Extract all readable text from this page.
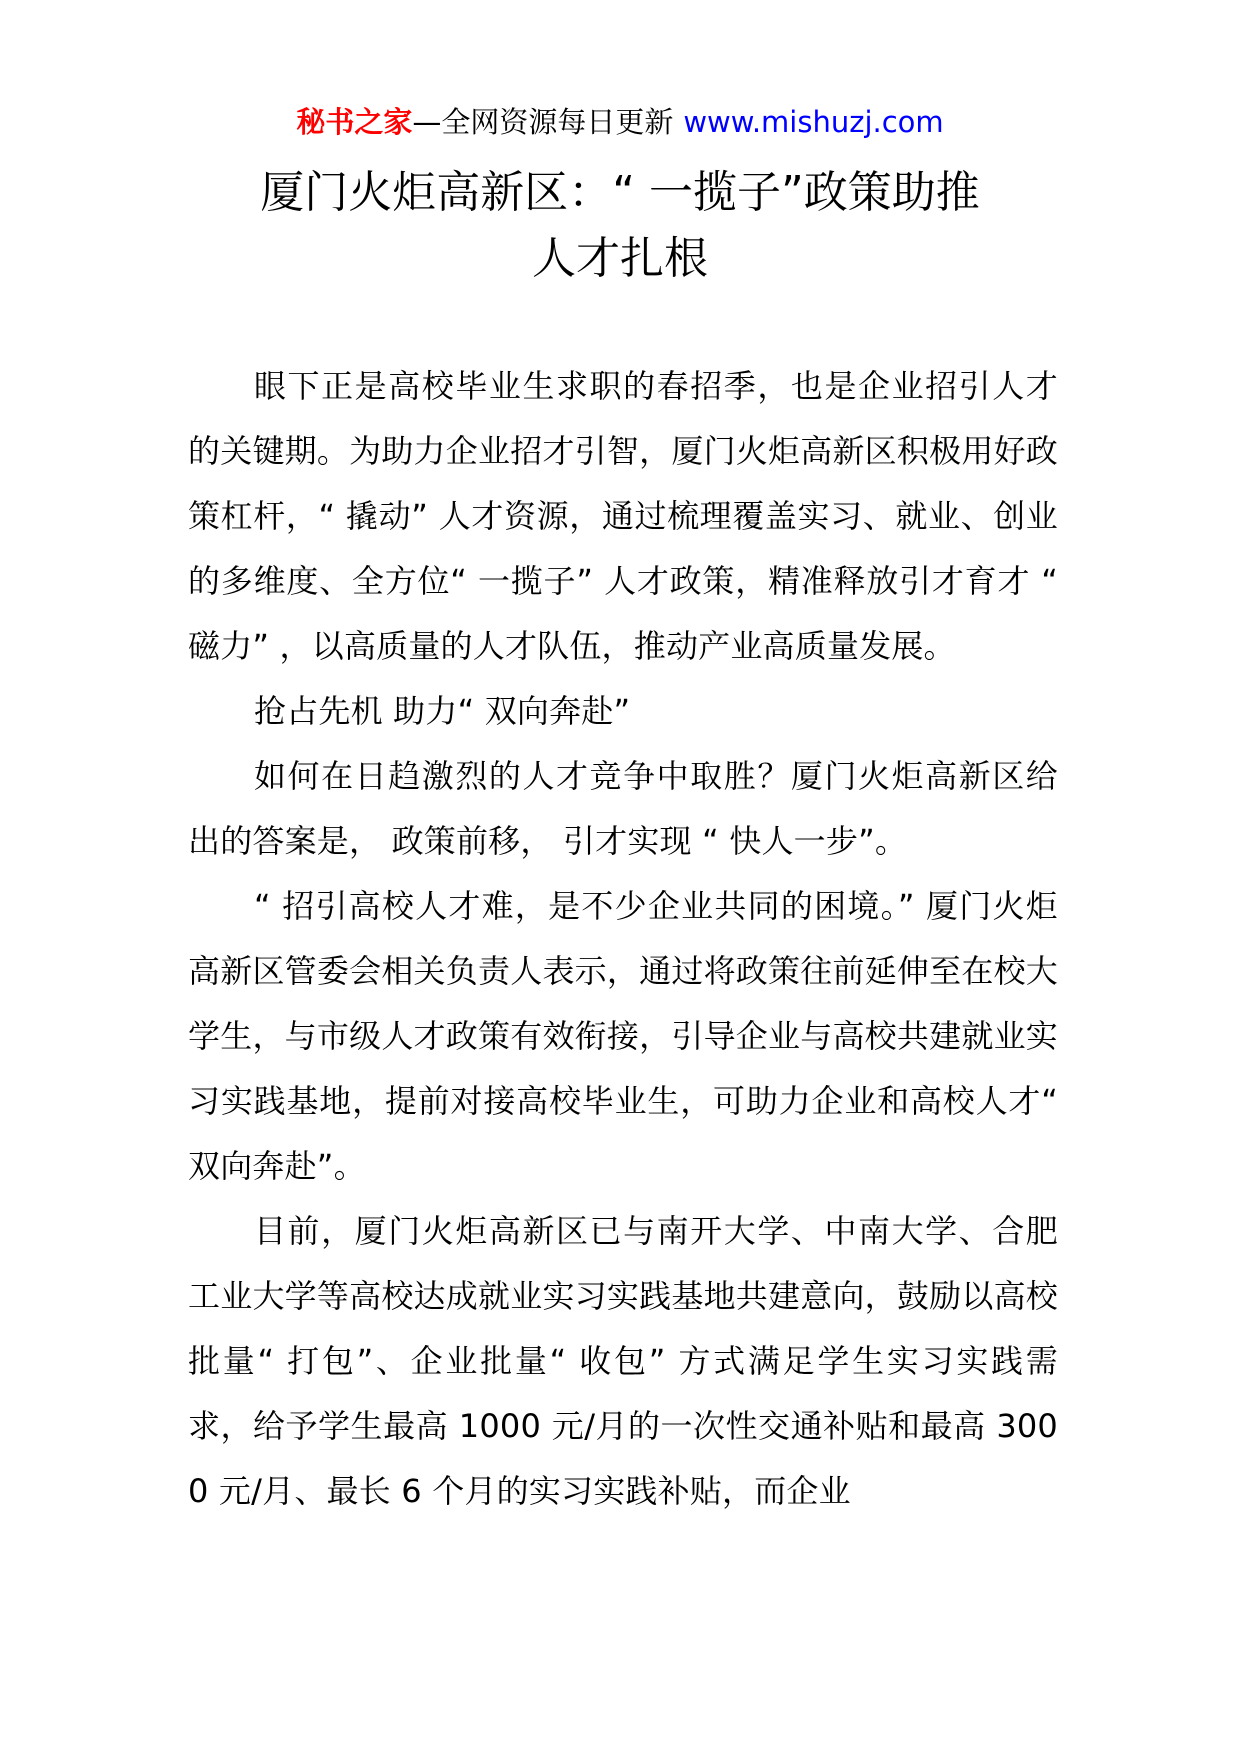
秘书之家—全网资源每日更新 www.mishuzj.com
厦门火炬高新区：“ 一揽子”政策助推
人才扎根

眼下正是高校毕业生求职的春招季，也是企业招引人才的关键期。为助力企业招才引智，厦门火炬高新区积极用好政策杠杆，“ 撬动” 人才资源，通过梳理覆盖实习、就业、创业的多维度、全方位“ 一揽子” 人才政策，精准释放引才育才 “ 磁力” ，以高质量的人才队伍，推动产业高质量发展。

抢占先机 助力“ 双向奔赴”

如何在日趋激烈的人才竞争中取胜？厦门火炬高新区给出的答案是， 政策前移， 引才实现 “ 快人一步”。

“ 招引高校人才难，是不少企业共同的困境。” 厦门火炬高新区管委会相关负责人表示，通过将政策往前延伸至在校大学生，与市级人才政策有效衔接，引导企业与高校共建就业实习实践基地，提前对接高校毕业生，可助力企业和高校人才“ 双向奔赴”。

目前，厦门火炬高新区已与南开大学、中南大学、合肥工业大学等高校达成就业实习实践基地共建意向，鼓励以高校批量“ 打包”、企业批量“ 收包” 方式满足学生实习实践需求，给予学生最高 1000 元/月的一次性交通补贴和最高 3000 元/月、最长 6 个月的实习实践补贴，而企业
